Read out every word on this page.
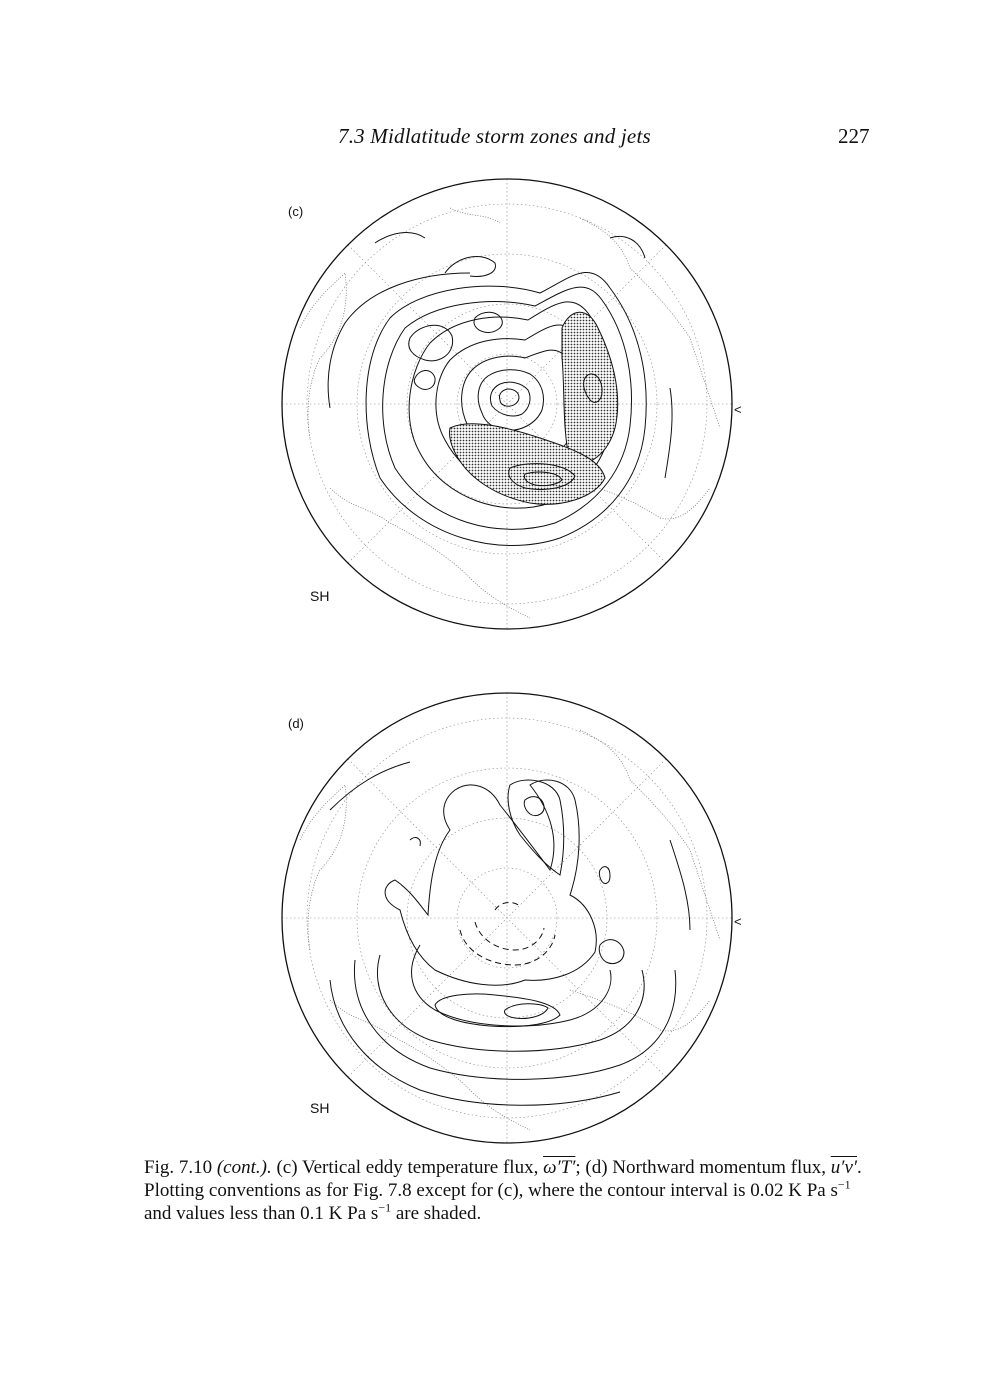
7.3 Midlatitude storm zones and jets	227
(c)
SH
<
(d)
SH
<
Fig. 7.10 (cont.). (c) Vertical eddy temperature flux, ω′T′; (d) Northward momentum flux, u′v′. Plotting conventions as for Fig. 7.8 except for (c), where the contour interval is 0.02 K Pa $s^{-1}$ and values less than 0.1 K Pa $s^{-1}$ are shaded.
